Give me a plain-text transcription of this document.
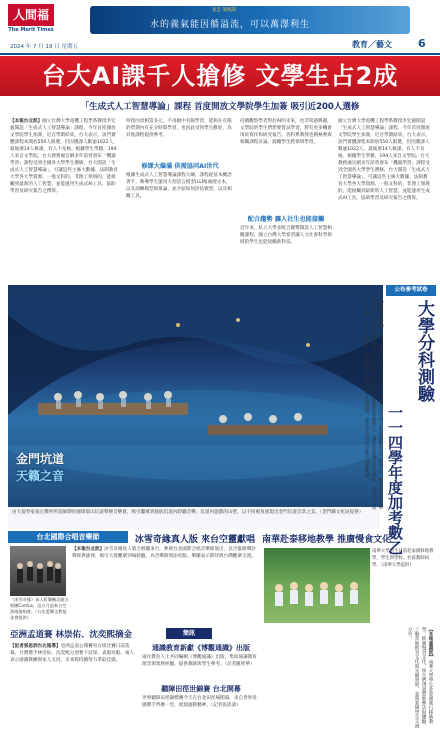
人間福報
The Merit Times
星雲 菜根譚
水的義氣能因循溢流，可以萬澤利生
2024 年 7 月 19 日 星期五	教育／藝文 6
台大AI課千人搶修 文學生占2成
「生成式人工智慧導論」課程 首度開放文學院學生加簽 吸引近200人選修
【本報台北訊】國立台灣大學電機工程學系教授李宏毅開設「生成式人工智慧導論」課程，今年首度開放文學院學生加簽，近百學期結束，台大表示，該門實體課程本開放550人限選，但因選課人數逾1022人，最後連14人修課，有人不及格。根據學生學籍，194人來自文學院。台大教務處官網多年前曾發布「機器學習」課程受到全國各大學學生選修，台大開設「生成式人工智慧導論」，可讓這些主修大數據、法制教育大學各大學資源、一般文科的，非理工領域的，能接觸到最新的人工智慧，並能運用生成式AI工具，協助學習及研究報告之撰寫。
所授內容相當多元，不再順中有限學習，能夠在有限的學期內有充分時間學習，也因此受到學生歡迎，為其他課程提供參考。
修課大爆滿 供需協同AI世代
根據生成式人工智慧導論課程大綱，課程從基本概念著手，教導學生運用大型語言模型(LLM)處理文本，以及訓練模型與推論，並介紹如何評估模型，以及相關工具。
持續觀察學者對於AI的未來，也非常感興趣，文學院的學生們想要嘗試學習，將有更多機會用於寫作和研究報告。各科系教授也積極參與相關課程討論，鼓勵學生跨領域學習。
配合趨勢 讓人社生也能接觸
近年來，私立大學多配合趨勢開設人工智慧相關課程，國立台灣大學希望讓人文社會科學領域的學生也能接觸新科技。
國立台灣大學電機工程學系教授李宏毅開設「生成式人工智慧導論」課程，今年首度開放文學院學生加簽，近百學期結束，台大表示，該門實體課程本開放550人限選，但因選課人數逾1022人，最後連14人修課，有人不及格。根據學生學籍，194人來自文學院。台大教務處官網多年前曾發布「機器學習」課程受到全國各大學學生選修，台大開設「生成式人工智慧導論」，可讓這些主修大數據、法制教育大學各大學資源、一般文科的，非理工領域的，能接觸到最新的人工智慧，並能運用生成式AI工具，協助學習及研究報告之撰寫。
金門坑道
天籟之音
由大提琴家張正傑所所設師期於國軍翟山坑道舉辦音樂會，吸引聽眾到地底坑道內聆聽音樂，坑道內遊戲的山壁，以不同視角展現出金門坑道音景之美。（金門縣文化局提供）
公布參考試卷
大學分科測驗
一一四學年度加考數乙
【本報台北訊】大學入學考試中心今日公布一一四學年度大學分科測驗數學甲、數學乙、數學丙等科目參考試卷，說明新課綱架構下考科內容。其中分科測驗將加考數學乙，讓各校系選考更有彈性。考試中心表示，依據一〇八課綱精神，新增數學乙提供更多元的選擇，並請考生與家長參考試題範例。
南華赴泰移地教學 推廣慢食文化
南華大學學生日前赴泰國移地教學，學生與學校、社區教師同學，（南華大學提供）
【本報嘉義訊】南華大學學生赴泰國進行移地教學，推廣慢食文化，學生們透過實地參訪與體驗，了解當地飲食文化與永續發展，並與泰國學生交流分享。
台北國際合唱音樂節	冰雪奇緣真人版 來台空靈獻唱
《冰雪奇緣》真人版樂團北歐合唱團Cantus，這五月起來台空演唱演唱會。（台北愛樂文教基金會提供）
【本報台北訊】冰雪奇緣真人版合唱團來台，參與台北國際合唱音樂節演出，以空靈歌聲詮釋經典旋律，吸引大批觀眾到場聆聽，為音樂節增添亮點。樂團表示期待與台灣觀眾交流。
亞洲孟道賽 林崇佑、沈奕熙摘金
【記者張思訓台北報導】亞洲孟道公開賽男女組比賽日前落幕，台灣選手林崇佑、沈奕熙分別奪下冠軍，表現亮眼。兩人表示感謝教練與家人支持，未來將持續努力爭取佳績。
簡訊
通識教育新獻《博觀通識》出版
兩岸教育人士共同編輯《博觀通識》出版，集結通識教育理念與實務經驗，提供教師與學生參考。（記者羅智華）
聽障田徑世錦賽 台北開幕
世界聽障田徑錦標賽今天在台北田徑場開幕，來自世界各國選手齊聚一堂，展現運動精神。（記者張思訓）
